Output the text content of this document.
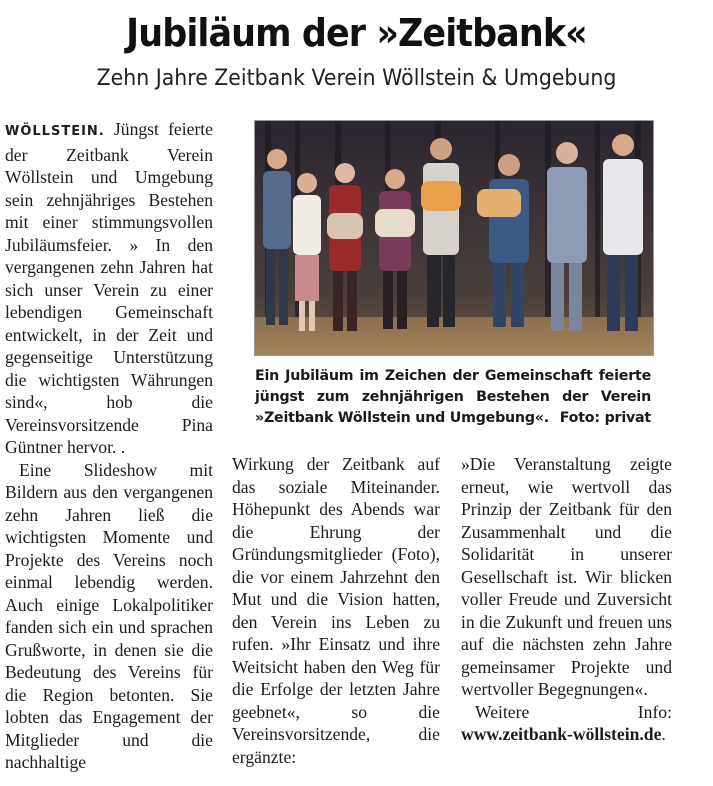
Jubiläum der »Zeitbank«
Zehn Jahre Zeitbank Verein Wöllstein & Umgebung

WÖLLSTEIN. Jüngst feierte der Zeitbank Verein Wöllstein und Umgebung sein zehnjähriges Bestehen mit einer stimmungsvollen Jubiläumsfeier. » In den vergangenen zehn Jahren hat sich unser Verein zu einer lebendigen Gemeinschaft entwickelt, in der Zeit und gegenseitige Unterstützung die wichtigsten Währungen sind«, hob die Vereinsvorsitzende Pina Güntner hervor. .

Eine Slideshow mit Bildern aus den vergangenen zehn Jahren ließ die wichtigsten Momente und Projekte des Vereins noch einmal lebendig werden. Auch einige Lokalpolitiker fanden sich ein und sprachen Grußworte, in denen sie die Bedeutung des Vereins für die Region betonten. Sie lobten das Engagement der Mitglieder und die nachhaltige

Ein Jubiläum im Zeichen der Gemeinschaft feierte jüngst zum zehnjährigen Bestehen der Verein »Zeitbank Wöllstein und Umgebung«. Foto: privat

Wirkung der Zeitbank auf das soziale Miteinander. Höhepunkt des Abends war die Ehrung der Gründungsmitglieder (Foto), die vor einem Jahrzehnt den Mut und die Vision hatten, den Verein ins Leben zu rufen. »Ihr Einsatz und ihre Weitsicht haben den Weg für die Erfolge der letzten Jahre geebnet«, so die Vereinsvorsitzende, die ergänzte:

»Die Veranstaltung zeigte erneut, wie wertvoll das Prinzip der Zeitbank für den Zusammenhalt und die Solidarität in unserer Gesellschaft ist. Wir blicken voller Freude und Zuversicht in die Zukunft und freuen uns auf die nächsten zehn Jahre gemeinsamer Projekte und wertvoller Begegnungen«.

Weitere Info: www.zeitbank-wöllstein.de.
